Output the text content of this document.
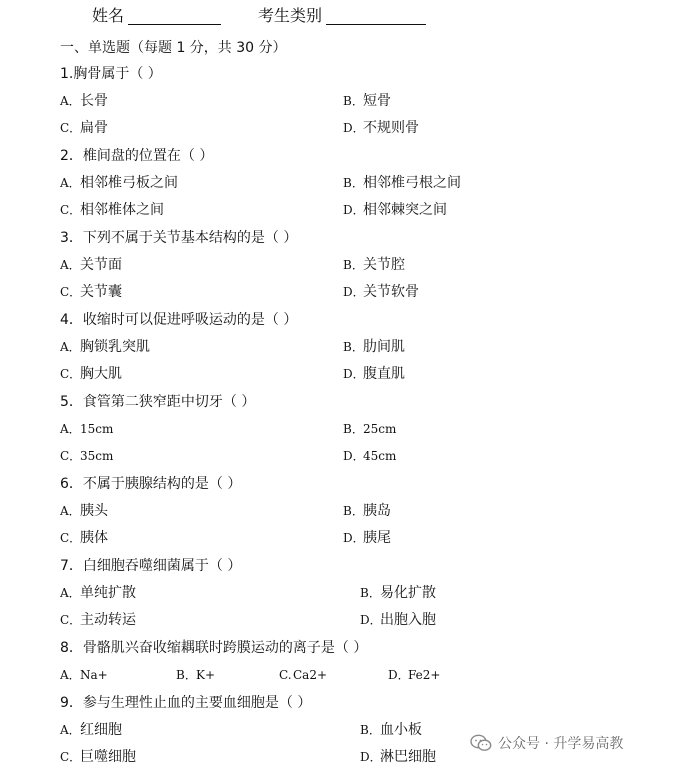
姓名	考生类别
一、单选题（每题 1 分，共 30 分）
1.胸骨属于（ ）
A．长骨	B．短骨
C．扁骨	D．不规则骨
2．椎间盘的位置在（ ）
A．相邻椎弓板之间	B．相邻椎弓根之间
C．相邻椎体之间	D．相邻棘突之间
3．下列不属于关节基本结构的是（ ）
A．关节面	B．关节腔
C．关节囊	D．关节软骨
4．收缩时可以促进呼吸运动的是（ ）
A．胸锁乳突肌	B．肋间肌
C．胸大肌	D．腹直肌
5．食管第二狭窄距中切牙（ ）
A．15cm	B．25cm
C．35cm	D．45cm
6．不属于胰腺结构的是（ ）
A．胰头	B．胰岛
C．胰体	D．胰尾
7．白细胞吞噬细菌属于（ ）
A．单纯扩散	B．易化扩散
C．主动转运	D．出胞入胞
8．骨骼肌兴奋收缩耦联时跨膜运动的离子是（ ）
A．Na+	B．K+	C.Ca2+	D．Fe2+
9．参与生理性止血的主要血细胞是（ ）
A．红细胞	B．血小板
C．巨噬细胞	D．淋巴细胞
公众号 · 升学易高教
